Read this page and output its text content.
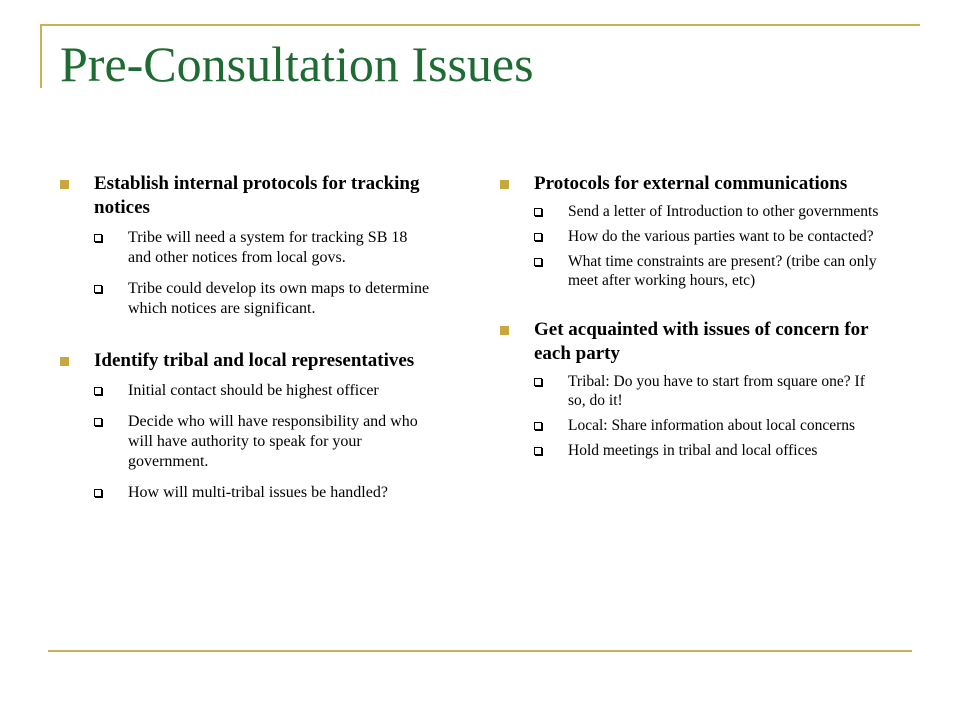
Pre-Consultation Issues
Establish internal protocols for tracking notices
Tribe will need a system for tracking SB 18 and other notices from local govs.
Tribe could develop its own maps to determine which notices are significant.
Identify tribal and local representatives
Initial contact should be highest officer
Decide who will have responsibility and who will have authority to speak for your government.
How will multi-tribal issues be handled?
Protocols for external communications
Send a letter of Introduction to other governments
How do the various parties want to be contacted?
What time constraints are present? (tribe can only meet after working hours, etc)
Get acquainted with issues of concern for each party
Tribal: Do you have to start from square one? If so, do it!
Local: Share information about local concerns
Hold meetings in tribal and local offices
